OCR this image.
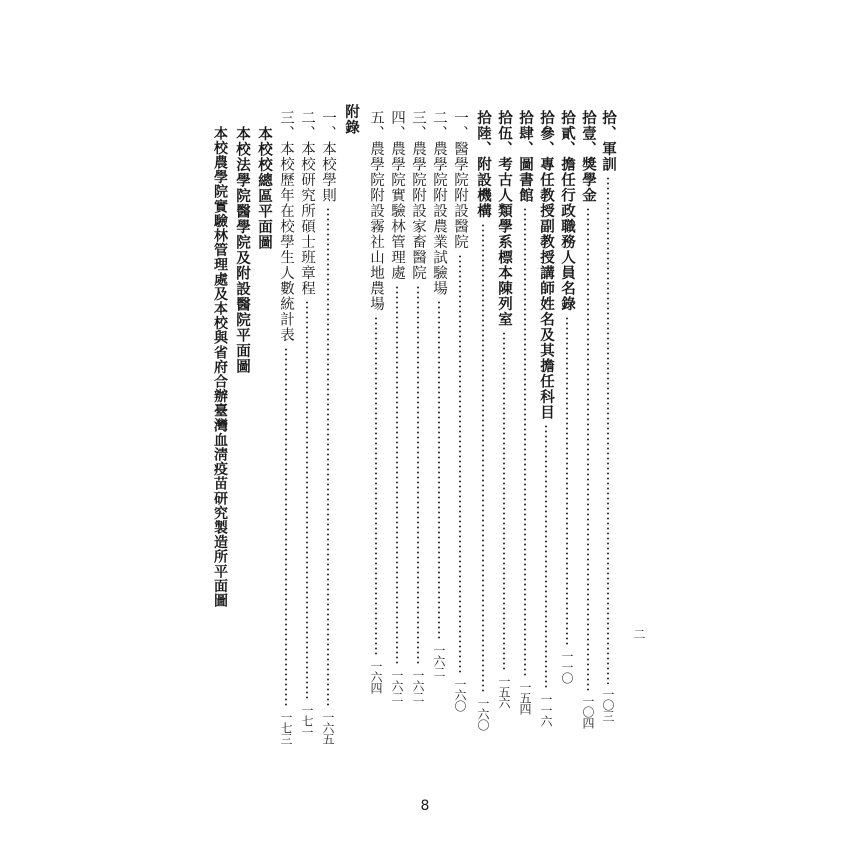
拾、軍訓
一〇三
拾壹、獎學金
一〇四
拾貳、擔任行政職務人員名錄
一一〇
拾參、專任教授副教授講師姓名及其擔任科目
一一六
拾肆、圖書館
一五四
拾伍、考古人類學系標本陳列室
一五六
拾陸、附設機構
一六〇
一、醫學院附設醫院
一六〇
二、農學院附設農業試驗場
一六二
三、農學院附設家畜醫院
一六二
四、農學院實驗林管理處
一六二
五、農學院附設霧社山地農場
一六四
附錄
一、本校學則
一六五
二、本校研究所碩士班章程
一七一
三、本校歷年在校學生人數統計表
一七三
本校校總區平面圖
本校法學院醫學院及附設醫院平面圖
本校農學院實驗林管理處及本校與省府合辦臺灣血淸疫苗研究製造所平面圖
二
8
